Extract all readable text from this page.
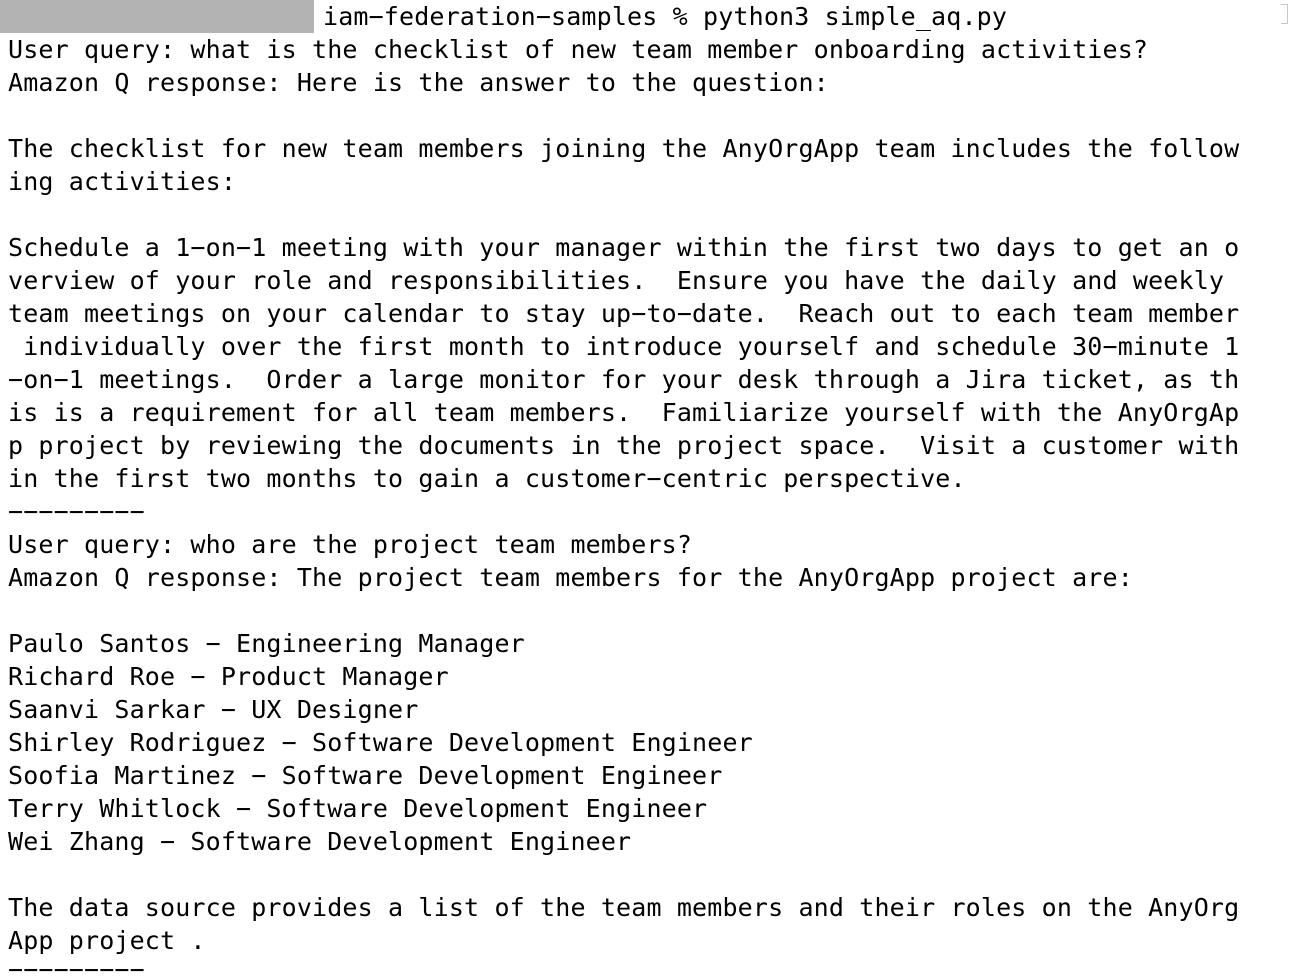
iam−federation−samples % python3 simple_aq.py
User query: what is the checklist of new team member onboarding activities?
Amazon Q response: Here is the answer to the question:
The checklist for new team members joining the AnyOrgApp team includes the follow
ing activities:
Schedule a 1−on−1 meeting with your manager within the first two days to get an o
verview of your role and responsibilities.  Ensure you have the daily and weekly
team meetings on your calendar to stay up−to−date.  Reach out to each team member
individually over the first month to introduce yourself and schedule 30−minute 1
−on−1 meetings.  Order a large monitor for your desk through a Jira ticket, as th
is is a requirement for all team members.  Familiarize yourself with the AnyOrgAp
p project by reviewing the documents in the project space.  Visit a customer with
in the first two months to gain a customer−centric perspective.
−−−−−−−−−
User query: who are the project team members?
Amazon Q response: The project team members for the AnyOrgApp project are:
Paulo Santos − Engineering Manager
Richard Roe − Product Manager
Saanvi Sarkar − UX Designer
Shirley Rodriguez − Software Development Engineer
Soofia Martinez − Software Development Engineer
Terry Whitlock − Software Development Engineer
Wei Zhang − Software Development Engineer
The data source provides a list of the team members and their roles on the AnyOrg
App project .
−−−−−−−−−
